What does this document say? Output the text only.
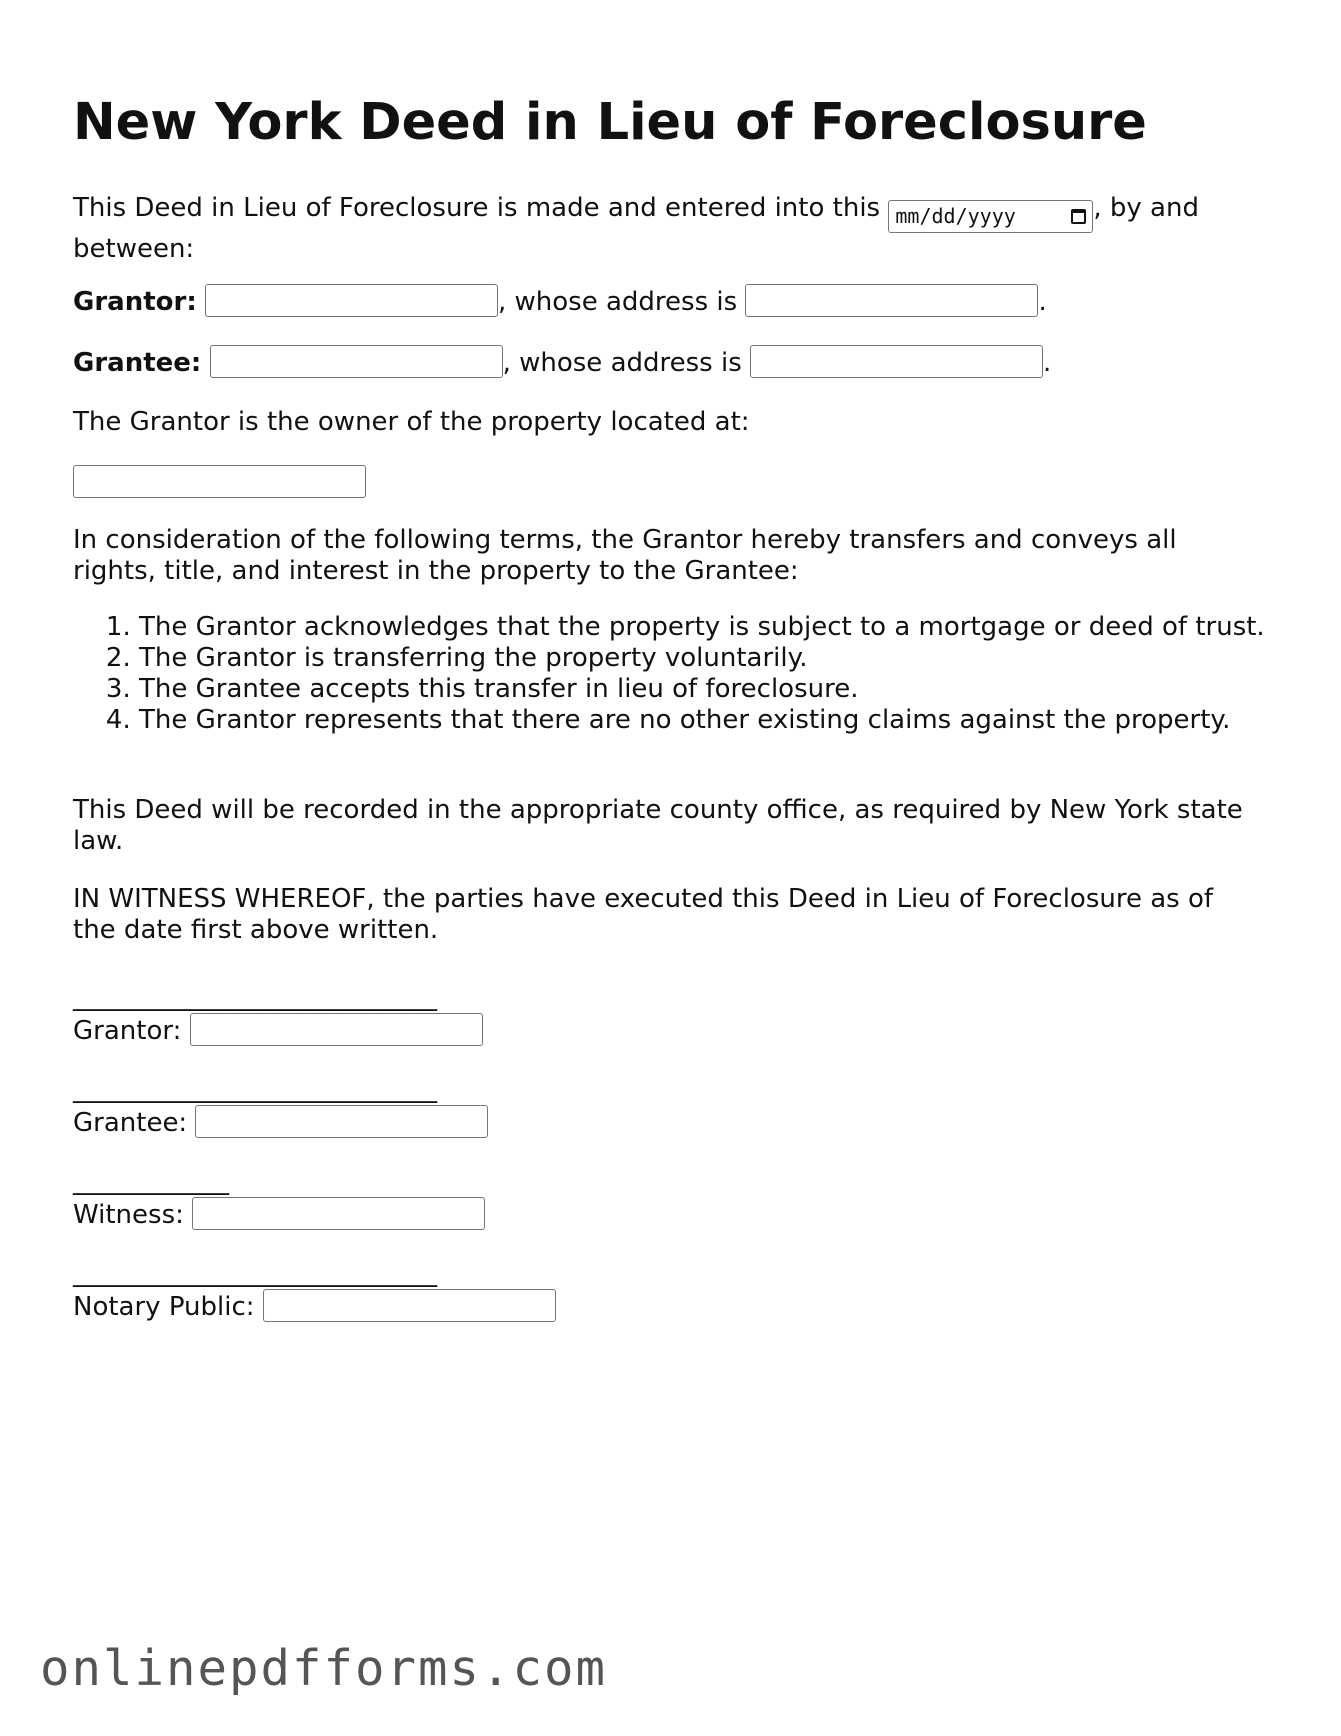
New York Deed in Lieu of Foreclosure

This Deed in Lieu of Foreclosure is made and entered into this mm/dd/yyyy	, by and between:

Grantor:	, whose address is	.

Grantee:	, whose address is	.

The Grantor is the owner of the property located at:

In consideration of the following terms, the Grantor hereby transfers and conveys all rights, title, and interest in the property to the Grantee:

1. The Grantor acknowledges that the property is subject to a mortgage or deed of trust.
2. The Grantor is transferring the property voluntarily.
3. The Grantee accepts this transfer in lieu of foreclosure.
4. The Grantor represents that there are no other existing claims against the property.

This Deed will be recorded in the appropriate county office, as required by New York state law.

IN WITNESS WHEREOF, the parties have executed this Deed in Lieu of Foreclosure as of the date first above written.

____________________________
Grantor:
____________________________
Grantee:
____________
Witness:
____________________________
Notary Public:
onlinepdfforms.com
